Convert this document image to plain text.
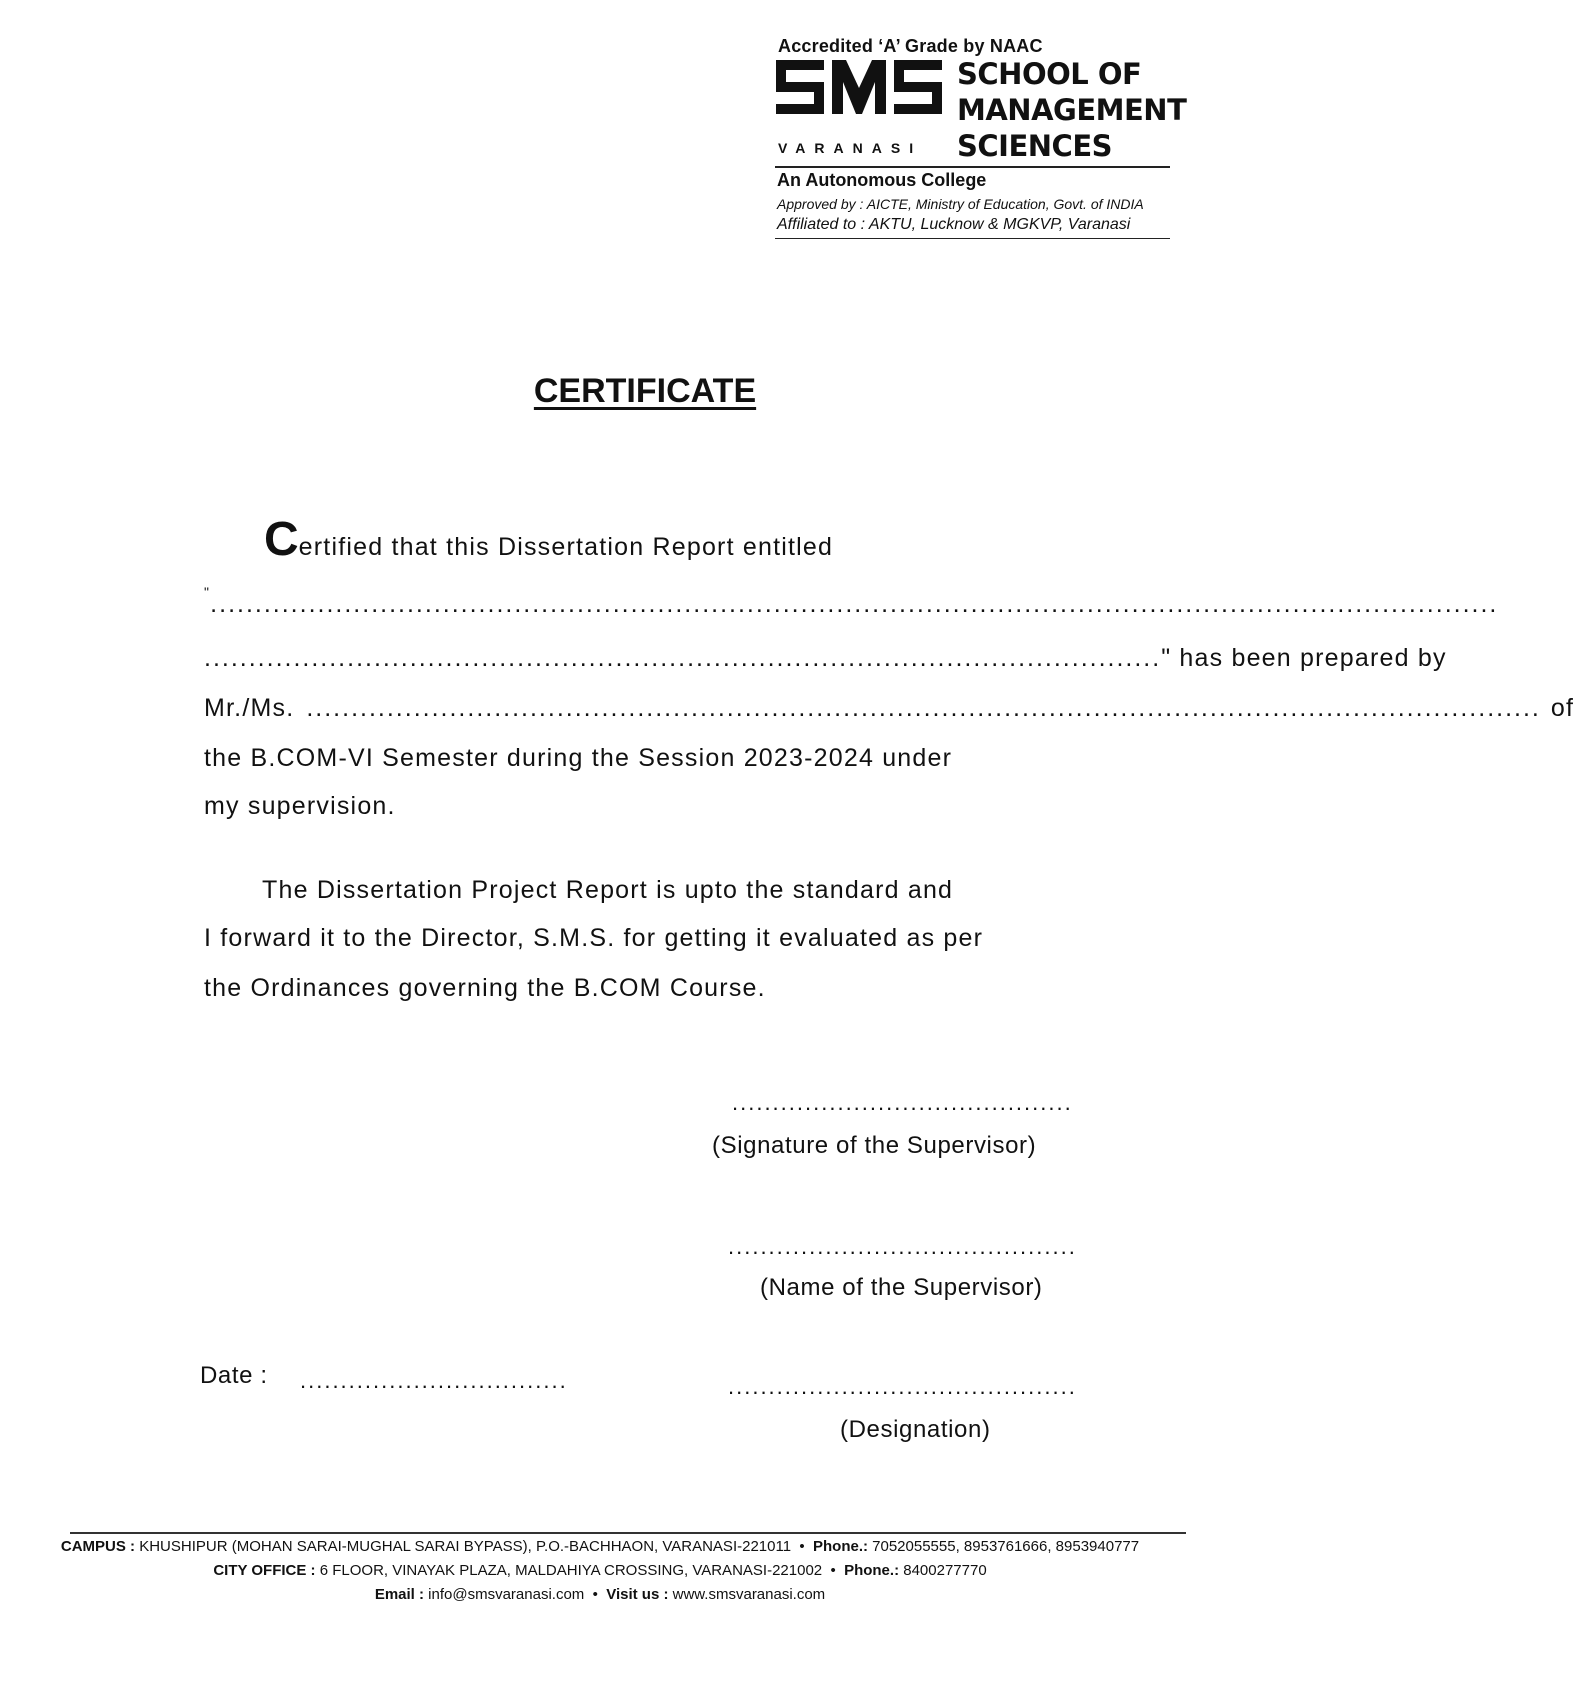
Accredited ‘A’ Grade by NAAC
VARANASI
SCHOOL OF
MANAGEMENT
SCIENCES
An Autonomous College
Approved by : AICTE, Ministry of Education, Govt. of INDIA
Affiliated to : AKTU, Lucknow & MGKVP, Varanasi
CERTIFICATE
Certified that this Dissertation Report entitled
" ................................................................................................................................................
........................................................................................................... " has been prepared by
Mr./Ms. .......................................................................................................................................... of
the B.COM-VI Semester during the Session 2023-2024 under
my supervision.
The Dissertation Project Report is upto the standard and
I forward it to the Director, S.M.S. for getting it evaluated as per
the Ordinances governing the B.COM Course.
..........................................
(Signature of the Supervisor)
...........................................
(Name of the Supervisor)
Date : .................................	...........................................
(Designation)
CAMPUS : KHUSHIPUR (MOHAN SARAI-MUGHAL SARAI BYPASS), P.O.-BACHHAON, VARANASI-221011  •  Phone.: 7052055555, 8953761666, 8953940777
CITY OFFICE : 6 FLOOR, VINAYAK PLAZA, MALDAHIYA CROSSING, VARANASI-221002  •  Phone.: 8400277770
Email : info@smsvaranasi.com  •  Visit us : www.smsvaranasi.com
